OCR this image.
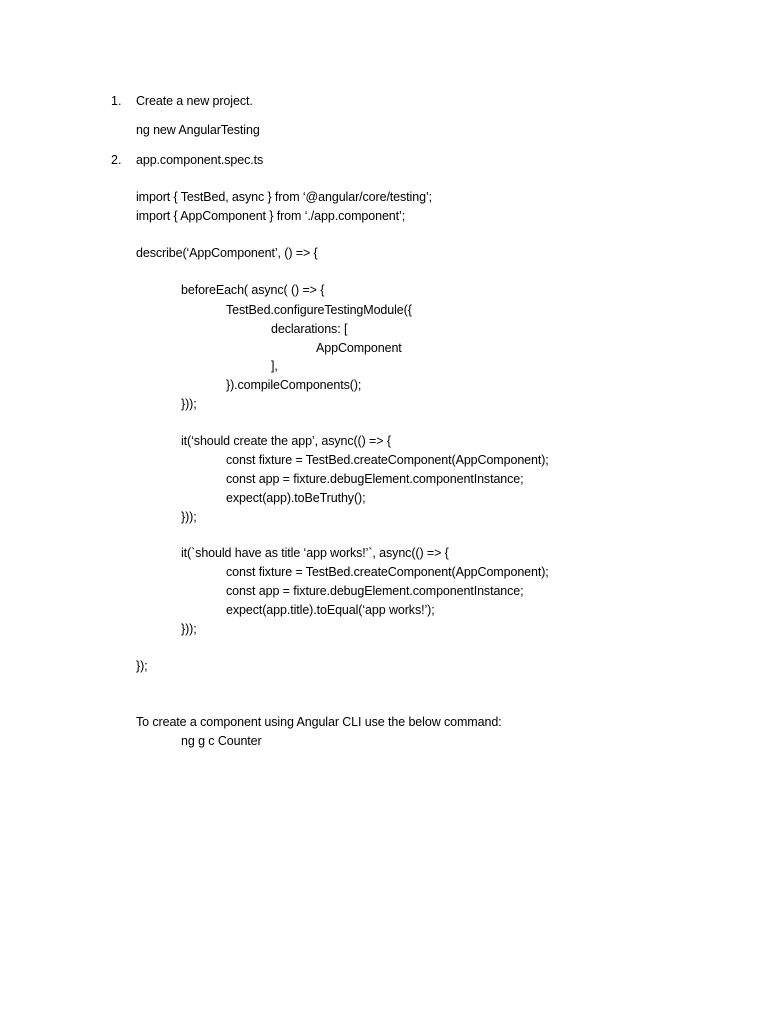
1. Create a new project.
ng new AngularTesting
2. app.component.spec.ts
import { TestBed, async } from ‘@angular/core/testing’;
import { AppComponent } from ‘./app.component’;
describe(‘AppComponent’, () => {
beforeEach( async( () => {
TestBed.configureTestingModule({
declarations: [
AppComponent
],
}).compileComponents();
}));
it(‘should create the app’, async(() => {
const fixture = TestBed.createComponent(AppComponent);
const app = fixture.debugElement.componentInstance;
expect(app).toBeTruthy();
}));
it(`should have as title ‘app works!’`, async(() => {
const fixture = TestBed.createComponent(AppComponent);
const app = fixture.debugElement.componentInstance;
expect(app.title).toEqual(‘app works!’);
}));
});
To create a component using Angular CLI use the below command:
ng g c Counter
